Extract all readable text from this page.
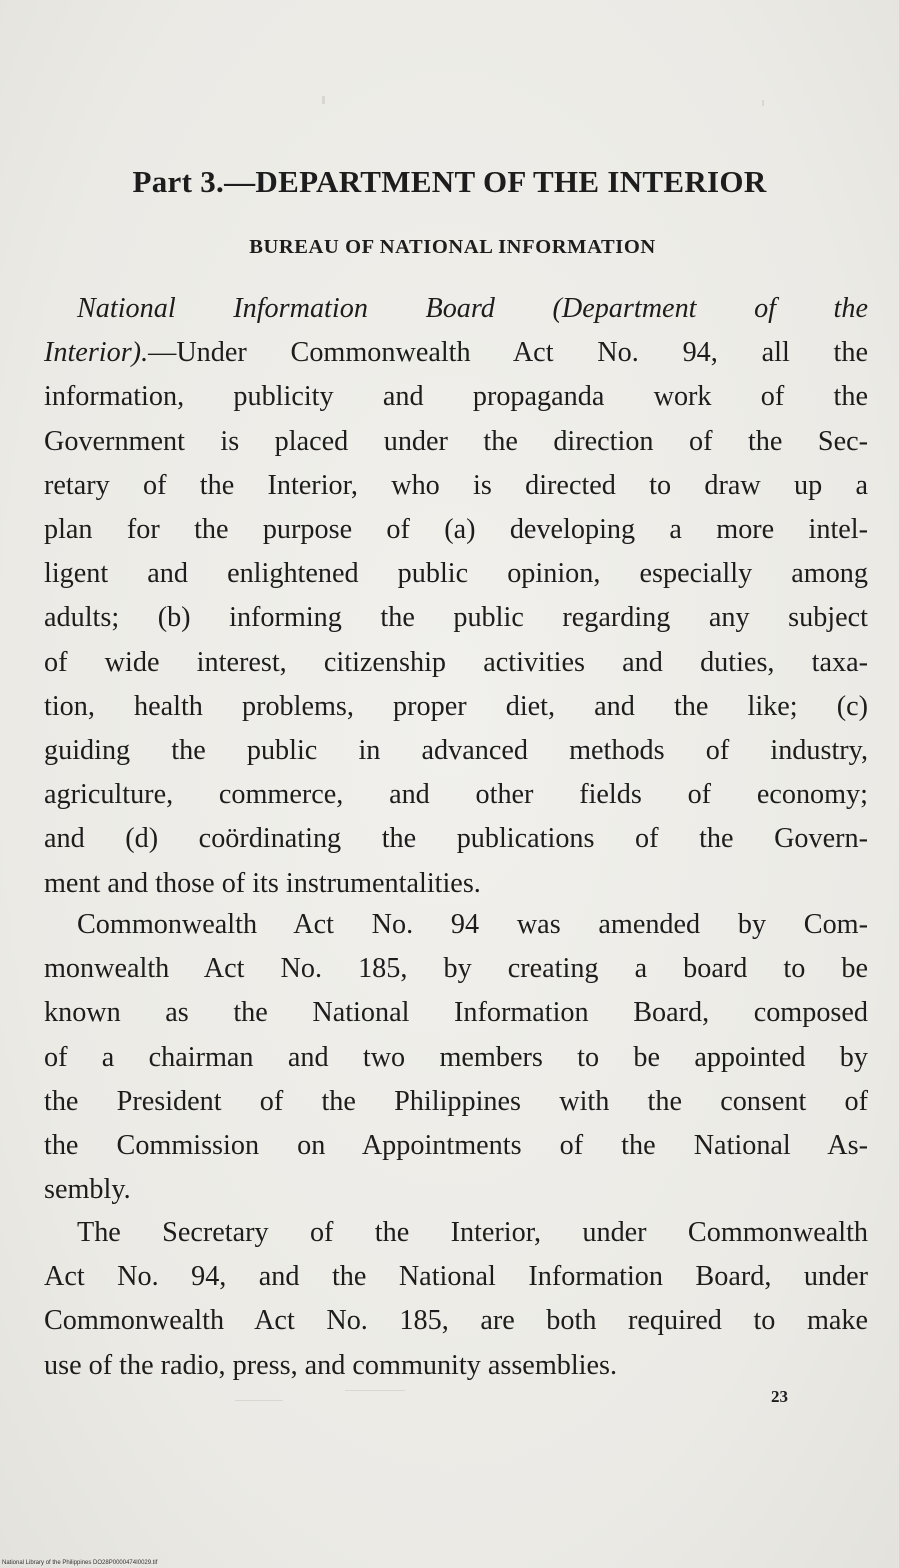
Part 3.—DEPARTMENT OF THE INTERIOR
BUREAU OF NATIONAL INFORMATION
National Information Board (Department of the
Interior).—Under Commonwealth Act No. 94, all the
information, publicity and propaganda work of the
Government is placed under the direction of the Sec-
retary of the Interior, who is directed to draw up a
plan for the purpose of (a) developing a more intel-
ligent and enlightened public opinion, especially among
adults; (b) informing the public regarding any subject
of wide interest, citizenship activities and duties, taxa-
tion, health problems, proper diet, and the like; (c)
guiding the public in advanced methods of industry,
agriculture, commerce, and other fields of economy;
and (d) coördinating the publications of the Govern-
ment and those of its instrumentalities.
Commonwealth Act No. 94 was amended by Com-
monwealth Act No. 185, by creating a board to be
known as the National Information Board, composed
of a chairman and two members to be appointed by
the President of the Philippines with the consent of
the Commission on Appointments of the National As-
sembly.
The Secretary of the Interior, under Commonwealth
Act No. 94, and the National Information Board, under
Commonwealth Act No. 185, are both required to make
use of the radio, press, and community assemblies.
23
National Library of the Philippines DO28P0000474I0029.tif
